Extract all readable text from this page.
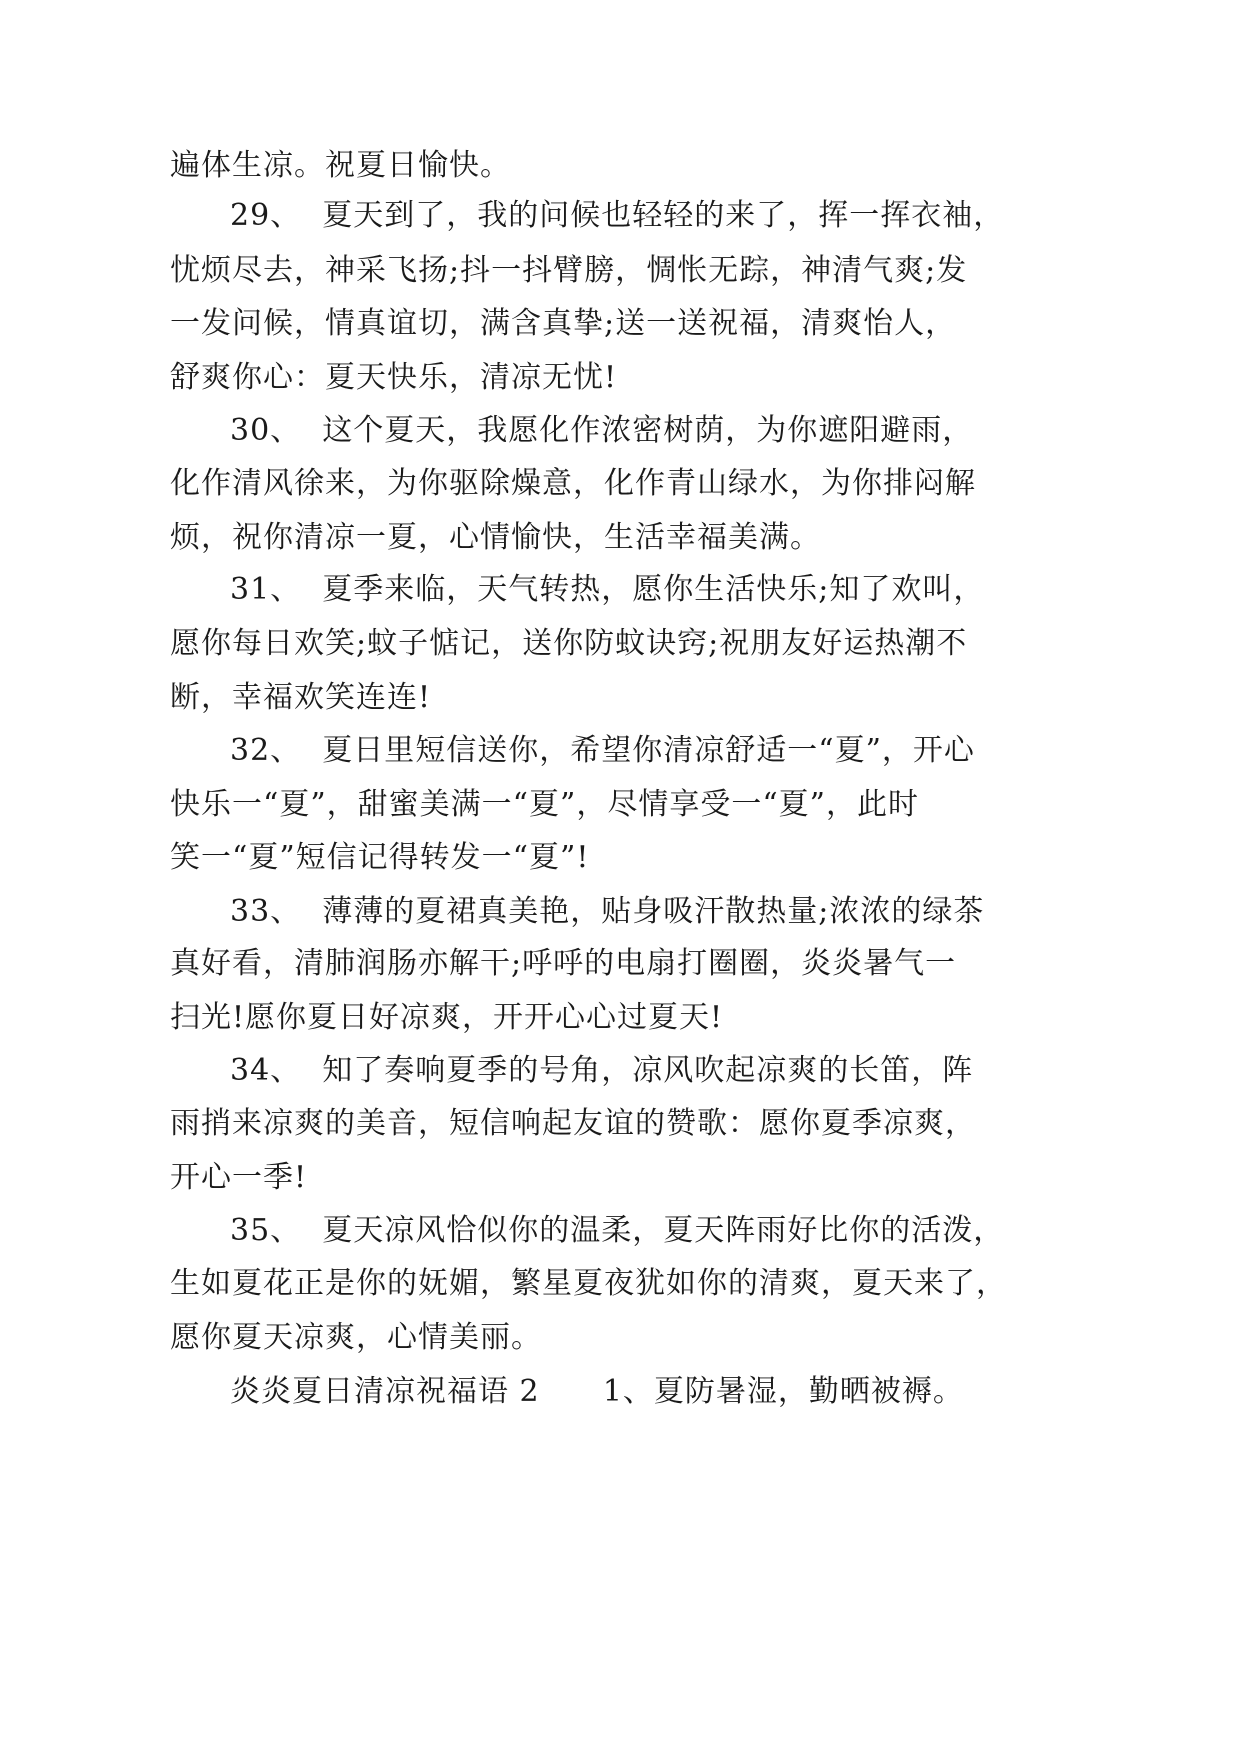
遍体生凉。祝夏日愉快。
29、  夏天到了，我的问候也轻轻的来了，挥一挥衣袖，
忧烦尽去，神采飞扬;抖一抖臂膀，惆怅无踪，神清气爽;发
一发问候，情真谊切，满含真挚;送一送祝福，清爽怡人，
舒爽你心：夏天快乐，清凉无忧!
30、  这个夏天，我愿化作浓密树荫，为你遮阳避雨，
化作清风徐来，为你驱除燥意，化作青山绿水，为你排闷解
烦，祝你清凉一夏，心情愉快，生活幸福美满。
31、  夏季来临，天气转热，愿你生活快乐;知了欢叫，
愿你每日欢笑;蚊子惦记，送你防蚊诀窍;祝朋友好运热潮不
断，幸福欢笑连连!
32、  夏日里短信送你，希望你清凉舒适一“夏”，开心
快乐一“夏”，甜蜜美满一“夏”，尽情享受一“夏”，此时
笑一“夏”短信记得转发一“夏”!
33、  薄薄的夏裙真美艳，贴身吸汗散热量;浓浓的绿茶
真好看，清肺润肠亦解干;呼呼的电扇打圈圈，炎炎暑气一
扫光!愿你夏日好凉爽，开开心心过夏天!
34、  知了奏响夏季的号角，凉风吹起凉爽的长笛，阵
雨捎来凉爽的美音，短信响起友谊的赞歌：愿你夏季凉爽，
开心一季!
35、  夏天凉风恰似你的温柔，夏天阵雨好比你的活泼，
生如夏花正是你的妩媚，繁星夏夜犹如你的清爽，夏天来了，
愿你夏天凉爽，心情美丽。
炎炎夏日清凉祝福语 2      1、夏防暑湿，勤晒被褥。
